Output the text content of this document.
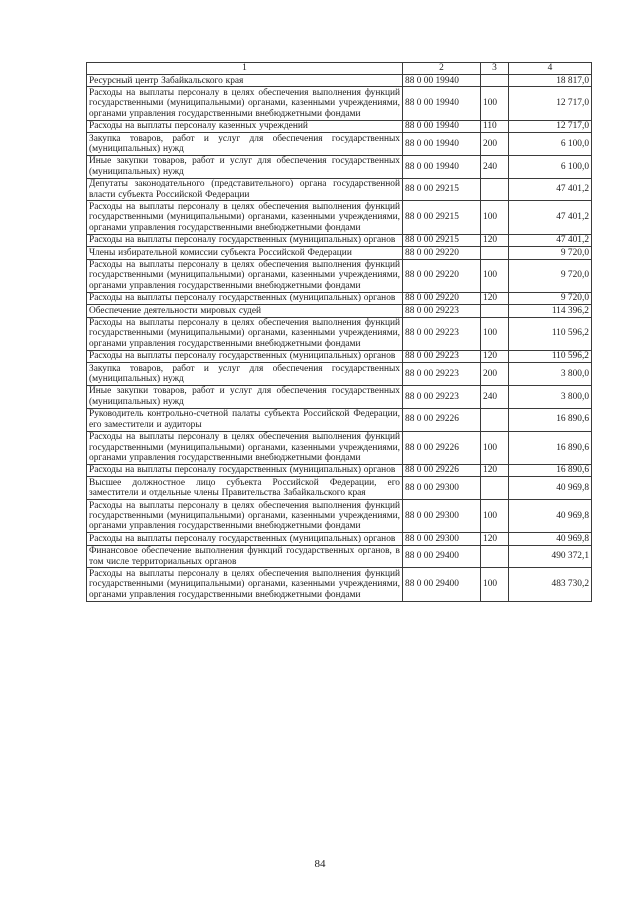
1	2	3	4
Ресурсный центр Забайкальского края	88 0 00 19940		18 817,0
Расходы на выплаты персоналу в целях обеспечения выполнения функций государственными (муниципальными) органами, казенными учреждениями, органами управления государственными внебюджетными фондами	88 0 00 19940	100	12 717,0
Расходы на выплаты персоналу казенных учреждений	88 0 00 19940	110	12 717,0
Закупка товаров, работ и услуг для обеспечения государственных (муниципальных) нужд	88 0 00 19940	200	6 100,0
Иные закупки товаров, работ и услуг для обеспечения государственных (муниципальных) нужд	88 0 00 19940	240	6 100,0
Депутаты законодательного (представительного) органа государственной власти субъекта Российской Федерации	88 0 00 29215		47 401,2
Расходы на выплаты персоналу в целях обеспечения выполнения функций государственными (муниципальными) органами, казенными учреждениями, органами управления государственными внебюджетными фондами	88 0 00 29215	100	47 401,2
Расходы на выплаты персоналу государственных (муниципальных) органов	88 0 00 29215	120	47 401,2
Члены избирательной комиссии субъекта Российской Федерации	88 0 00 29220		9 720,0
Расходы на выплаты персоналу в целях обеспечения выполнения функций государственными (муниципальными) органами, казенными учреждениями, органами управления государственными внебюджетными фондами	88 0 00 29220	100	9 720,0
Расходы на выплаты персоналу государственных (муниципальных) органов	88 0 00 29220	120	9 720,0
Обеспечение деятельности мировых судей	88 0 00 29223		114 396,2
Расходы на выплаты персоналу в целях обеспечения выполнения функций государственными (муниципальными) органами, казенными учреждениями, органами управления государственными внебюджетными фондами	88 0 00 29223	100	110 596,2
Расходы на выплаты персоналу государственных (муниципальных) органов	88 0 00 29223	120	110 596,2
Закупка товаров, работ и услуг для обеспечения государственных (муниципальных) нужд	88 0 00 29223	200	3 800,0
Иные закупки товаров, работ и услуг для обеспечения государственных (муниципальных) нужд	88 0 00 29223	240	3 800,0
Руководитель контрольно-счетной палаты субъекта Российской Федерации, его заместители и аудиторы	88 0 00 29226		16 890,6
Расходы на выплаты персоналу в целях обеспечения выполнения функций государственными (муниципальными) органами, казенными учреждениями, органами управления государственными внебюджетными фондами	88 0 00 29226	100	16 890,6
Расходы на выплаты персоналу государственных (муниципальных) органов	88 0 00 29226	120	16 890,6
Высшее должностное лицо субъекта Российской Федерации, его заместители и отдельные члены Правительства Забайкальского края	88 0 00 29300		40 969,8
Расходы на выплаты персоналу в целях обеспечения выполнения функций государственными (муниципальными) органами, казенными учреждениями, органами управления государственными внебюджетными фондами	88 0 00 29300	100	40 969,8
Расходы на выплаты персоналу государственных (муниципальных) органов	88 0 00 29300	120	40 969,8
Финансовое обеспечение выполнения функций государственных органов, в том числе территориальных органов	88 0 00 29400		490 372,1
Расходы на выплаты персоналу в целях обеспечения выполнения функций государственными (муниципальными) органами, казенными учреждениями, органами управления государственными внебюджетными фондами	88 0 00 29400	100	483 730,2
84
